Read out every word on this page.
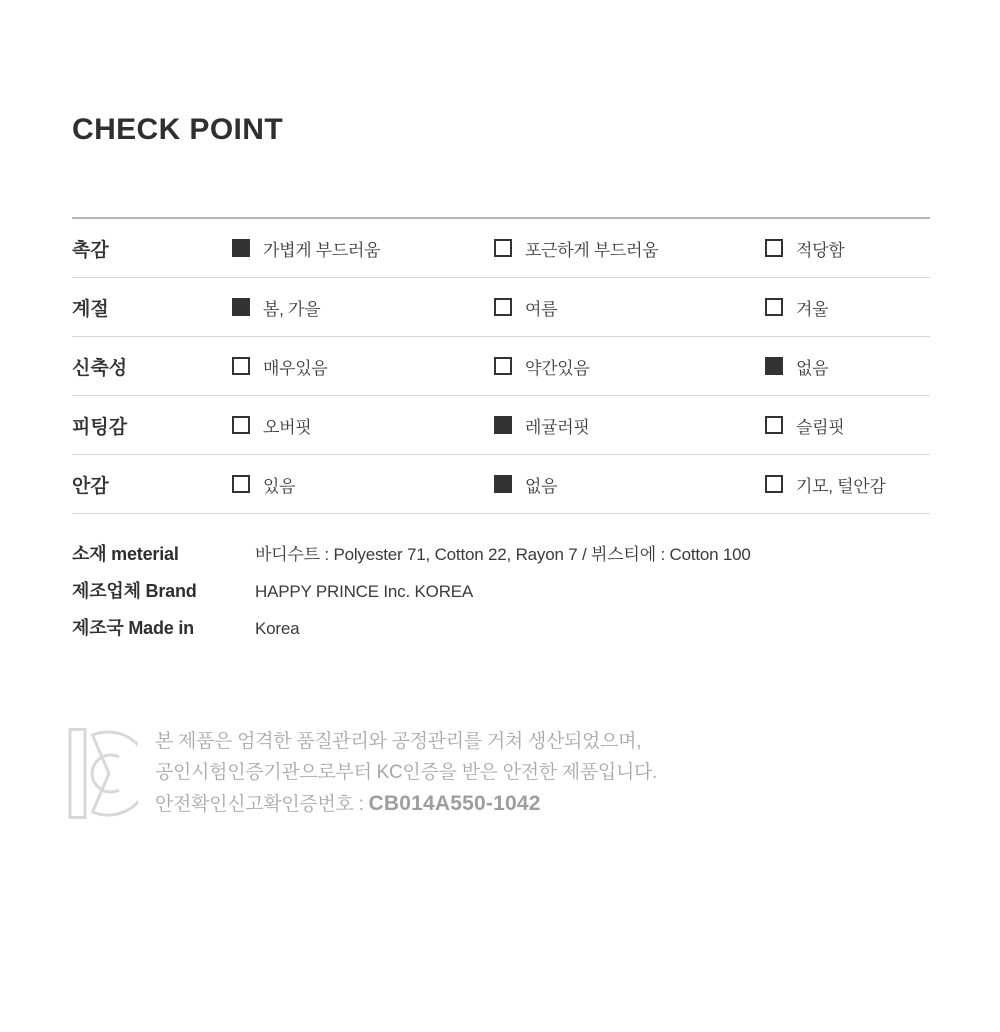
CHECK POINT
촉감	가볍게 부드러움	포근하게 부드러움	적당함
계절	봄, 가을	여름	겨울
신축성	매우있음	약간있음	없음
피팅감	오버핏	레귤러핏	슬림핏
안감	있음	없음	기모, 털안감
소재 meterial	바디수트 : Polyester 71, Cotton 22, Rayon 7 / 뷔스티에 : Cotton 100
제조업체 Brand	HAPPY PRINCE Inc. KOREA
제조국 Made in	Korea
본 제품은 엄격한 품질관리와 공정관리를 거쳐 생산되었으며,
공인시험인증기관으로부터 KC인증을 받은 안전한 제품입니다.
안전확인신고확인증번호 : CB014A550-1042
